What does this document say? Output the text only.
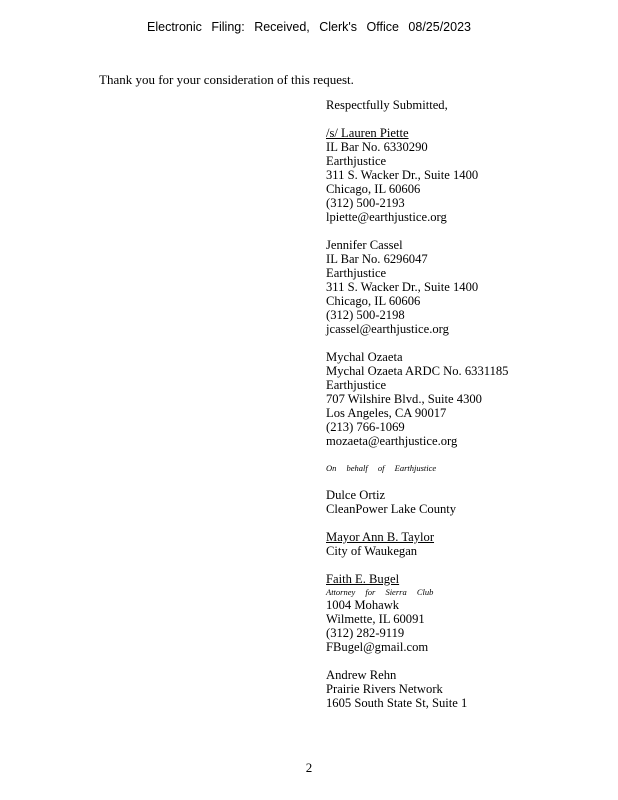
Electronic Filing: Received, Clerk's Office 08/25/2023
Thank you for your consideration of this request.
Respectfully Submitted,
/s/ Lauren Piette
IL Bar No. 6330290
Earthjustice
311 S. Wacker Dr., Suite 1400
Chicago, IL 60606
(312) 500-2193
lpiette@earthjustice.org
Jennifer Cassel
IL Bar No. 6296047
Earthjustice
311 S. Wacker Dr., Suite 1400
Chicago, IL 60606
(312) 500-2198
jcassel@earthjustice.org
Mychal Ozaeta
Mychal Ozaeta ARDC No. 6331185
Earthjustice
707 Wilshire Blvd., Suite 4300
Los Angeles, CA 90017
(213) 766-1069
mozaeta@earthjustice.org
On behalf of Earthjustice
Dulce Ortiz
CleanPower Lake County
Mayor Ann B. Taylor
City of Waukegan
Faith E. Bugel
Attorney for Sierra Club
1004 Mohawk
Wilmette, IL 60091
(312) 282-9119
FBugel@gmail.com
Andrew Rehn
Prairie Rivers Network
1605 South State St, Suite 1
2
